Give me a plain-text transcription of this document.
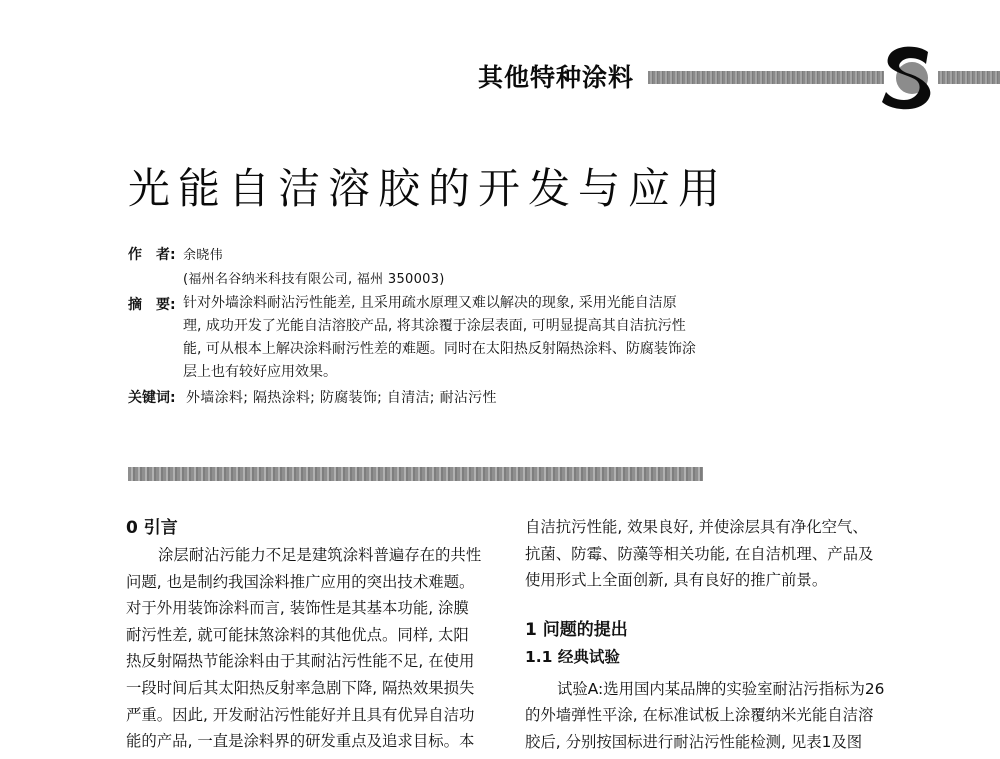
其他特种涂料
光能自洁溶胶的开发与应用
作　者: 余晓伟
(福州名谷纳米科技有限公司, 福州 350003)
摘　要: 针对外墙涂料耐沾污性能差, 且采用疏水原理又难以解决的现象, 采用光能自洁原
理, 成功开发了光能自洁溶胶产品, 将其涂覆于涂层表面, 可明显提高其自洁抗污性
能, 可从根本上解决涂料耐污性差的难题。同时在太阳热反射隔热涂料、防腐装饰涂
层上也有较好应用效果。
关键词: 外墙涂料; 隔热涂料; 防腐装饰; 自清洁; 耐沾污性
0 引言

涂层耐沾污能力不足是建筑涂料普遍存在的共性
问题, 也是制约我国涂料推广应用的突出技术难题。
对于外用装饰涂料而言, 装饰性是其基本功能, 涂膜
耐污性差, 就可能抹煞涂料的其他优点。同样, 太阳
热反射隔热节能涂料由于其耐沾污性能不足, 在使用
一段时间后其太阳热反射率急剧下降, 隔热效果损失
严重。因此, 开发耐沾污性能好并且具有优异自洁功
能的产品, 一直是涂料界的研发重点及追求目标。本

自洁抗污性能, 效果良好, 并使涂层具有净化空气、
抗菌、防霉、防藻等相关功能, 在自洁机理、产品及
使用形式上全面创新, 具有良好的推广前景。

1 问题的提出
1.1 经典试验

试验A:选用国内某品牌的实验室耐沾污指标为26
的外墙弹性平涂, 在标准试板上涂覆纳米光能自洁溶
胶后, 分别按国标进行耐沾污性能检测, 见表1及图
